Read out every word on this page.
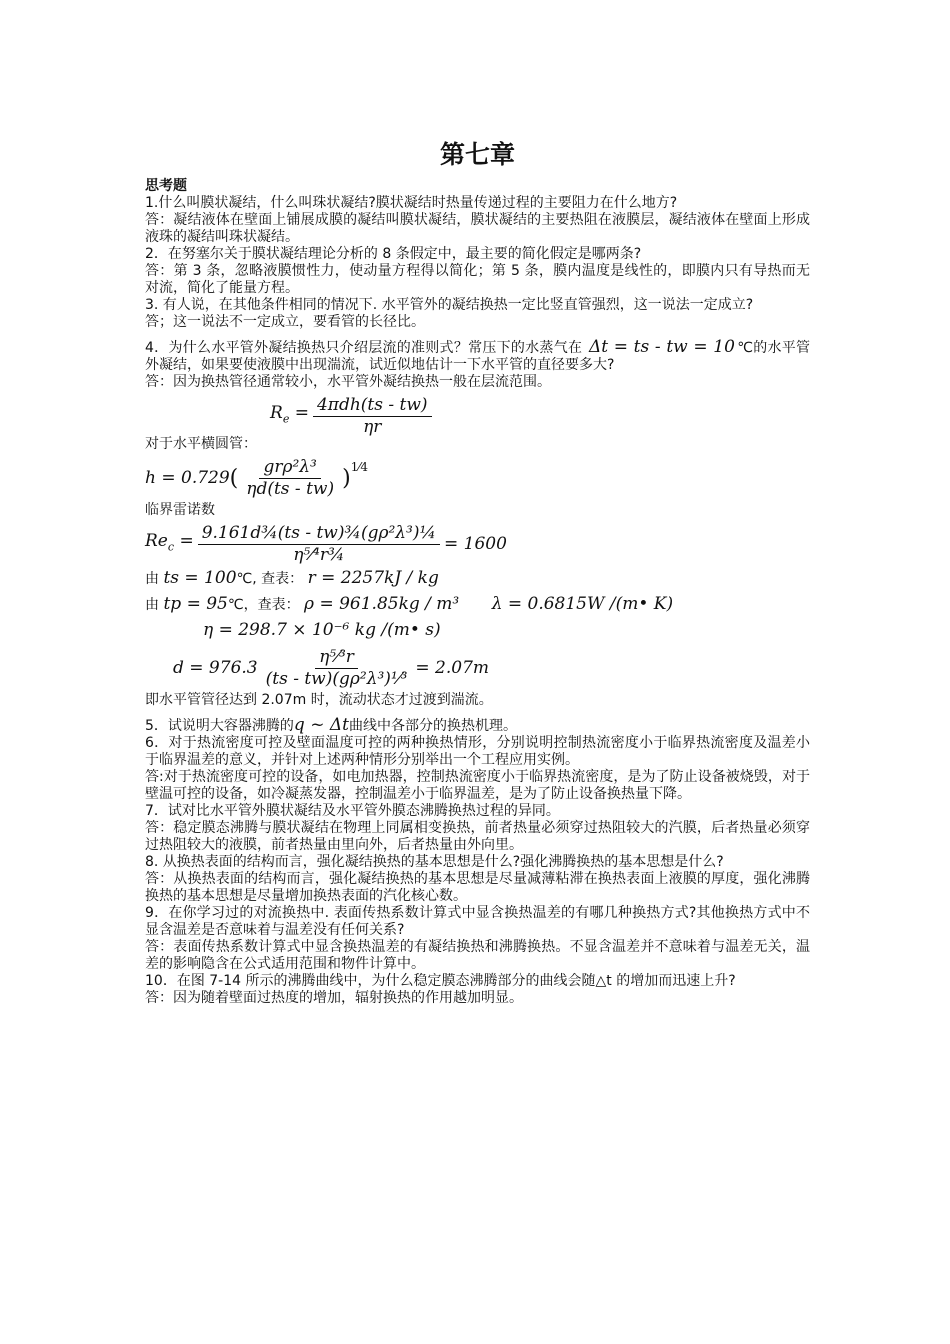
第七章
思考题
1.什么叫膜状凝结，什么叫珠状凝结?膜状凝结时热量传递过程的主要阻力在什么地方?
答：凝结液体在壁面上铺展成膜的凝结叫膜状凝结，膜状凝结的主要热阻在液膜层，凝结液体在壁面上形成液珠的凝结叫珠状凝结。
2．在努塞尔关于膜状凝结理论分析的 8 条假定中，最主要的简化假定是哪两条?
答：第 3 条，忽略液膜惯性力，使动量方程得以简化；第 5 条，膜内温度是线性的，即膜内只有导热而无对流，简化了能量方程。
3. 有人说，在其他条件相同的情况下. 水平管外的凝结换热一定比竖直管强烈，这一说法一定成立?
答；这一说法不一定成立，要看管的长径比。
4．为什么水平管外凝结换热只介绍层流的准则式？常压下的水蒸气在 Δt = ts - tw = 10 ℃的水平管外凝结，如果要使液膜中出现湍流，试近似地估计一下水平管的直径要多大?
答：因为换热管径通常较小，水平管外凝结换热一般在层流范围。
$R_e = \frac{\text{4πdh(ts - tw)}}{\eta r}$
对于水平横圆管：
h = 0.729 ( $\frac{\text{grρ²λ³}}{\eta d(ts - tw)}$ ) 1⁄4
临界雷诺数
$Re_c = \frac{\text{9.161d¾(ts - tw)¾(gρ²λ³)¼}}{\text{η⁵⁄⁴r¾}} = 1600$
由 ts = 100℃, 查表： r = 2257kJ / kg
由 tp = 95℃，查表： ρ = 961.85kg / m³ λ = 0.6815W /(m• K)
η = 298.7 × 10⁻⁶ kg /(m• s)
$d = 976.3 \frac{\text{η⁵⁄³r}}{\text{(ts - tw)(gρ²λ³)¹⁄³}} = 2.07m$
即水平管管径达到 2.07m 时，流动状态才过渡到湍流。
5．试说明大容器沸腾的q ~ Δt曲线中各部分的换热机理。
6．对于热流密度可控及壁面温度可控的两种换热情形，分别说明控制热流密度小于临界热流密度及温差小于临界温差的意义，并针对上述两种情形分别举出一个工程应用实例。
答:对于热流密度可控的设备，如电加热器，控制热流密度小于临界热流密度，是为了防止设备被烧毁，对于壁温可控的设备，如冷凝蒸发器，控制温差小于临界温差，是为了防止设备换热量下降。
7．试对比水平管外膜状凝结及水平管外膜态沸腾换热过程的异同。
答：稳定膜态沸腾与膜状凝结在物理上同属相变换热，前者热量必须穿过热阻较大的汽膜，后者热量必须穿过热阻较大的液膜，前者热量由里向外，后者热量由外向里。
8. 从换热表面的结构而言，强化凝结换热的基本思想是什么?强化沸腾换热的基本思想是什么?
答：从换热表面的结构而言，强化凝结换热的基本思想是尽量减薄粘滞在换热表面上液膜的厚度，强化沸腾换热的基本思想是尽量增加换热表面的汽化核心数。
9．在你学习过的对流换热中. 表面传热系数计算式中显含换热温差的有哪几种换热方式?其他换热方式中不显含温差是否意味着与温差没有任何关系?
答：表面传热系数计算式中显含换热温差的有凝结换热和沸腾换热。不显含温差并不意味着与温差无关，温差的影响隐含在公式适用范围和物件计算中。
10．在图 7-14 所示的沸腾曲线中，为什么稳定膜态沸腾部分的曲线会随△t 的增加而迅速上升?
答：因为随着壁面过热度的增加，辐射换热的作用越加明显。
